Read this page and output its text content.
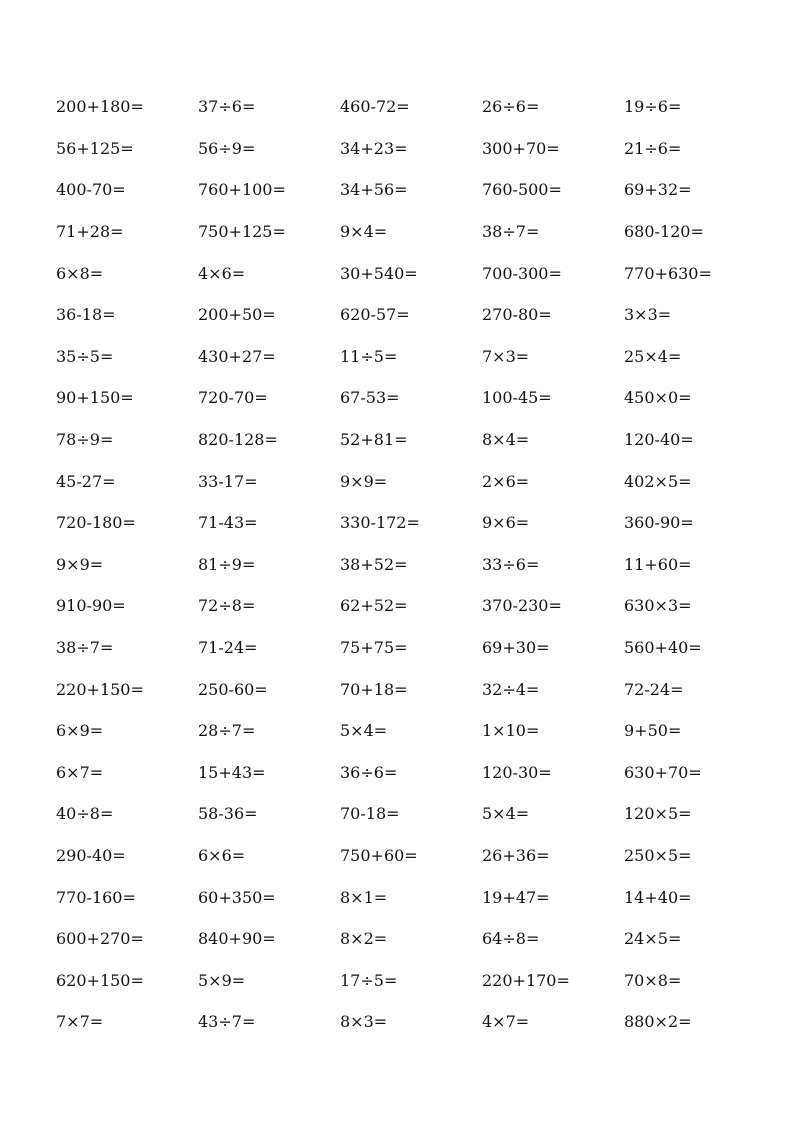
200+180=	37÷6=	460-72=	26÷6=	19÷6=
56+125=	56÷9=	34+23=	300+70=	21÷6=
400-70=	760+100=	34+56=	760-500=	69+32=
71+28=	750+125=	9×4=	38÷7=	680-120=
6×8=	4×6=	30+540=	700-300=	770+630=
36-18=	200+50=	620-57=	270-80=	3×3=
35÷5=	430+27=	11÷5=	7×3=	25×4=
90+150=	720-70=	67-53=	100-45=	450×0=
78÷9=	820-128=	52+81=	8×4=	120-40=
45-27=	33-17=	9×9=	2×6=	402×5=
720-180=	71-43=	330-172=	9×6=	360-90=
9×9=	81÷9=	38+52=	33÷6=	11+60=
910-90=	72÷8=	62+52=	370-230=	630×3=
38÷7=	71-24=	75+75=	69+30=	560+40=
220+150=	250-60=	70+18=	32÷4=	72-24=
6×9=	28÷7=	5×4=	1×10=	9+50=
6×7=	15+43=	36÷6=	120-30=	630+70=
40÷8=	58-36=	70-18=	5×4=	120×5=
290-40=	6×6=	750+60=	26+36=	250×5=
770-160=	60+350=	8×1=	19+47=	14+40=
600+270=	840+90=	8×2=	64÷8=	24×5=
620+150=	5×9=	17÷5=	220+170=	70×8=
7×7=	43÷7=	8×3=	4×7=	880×2=
